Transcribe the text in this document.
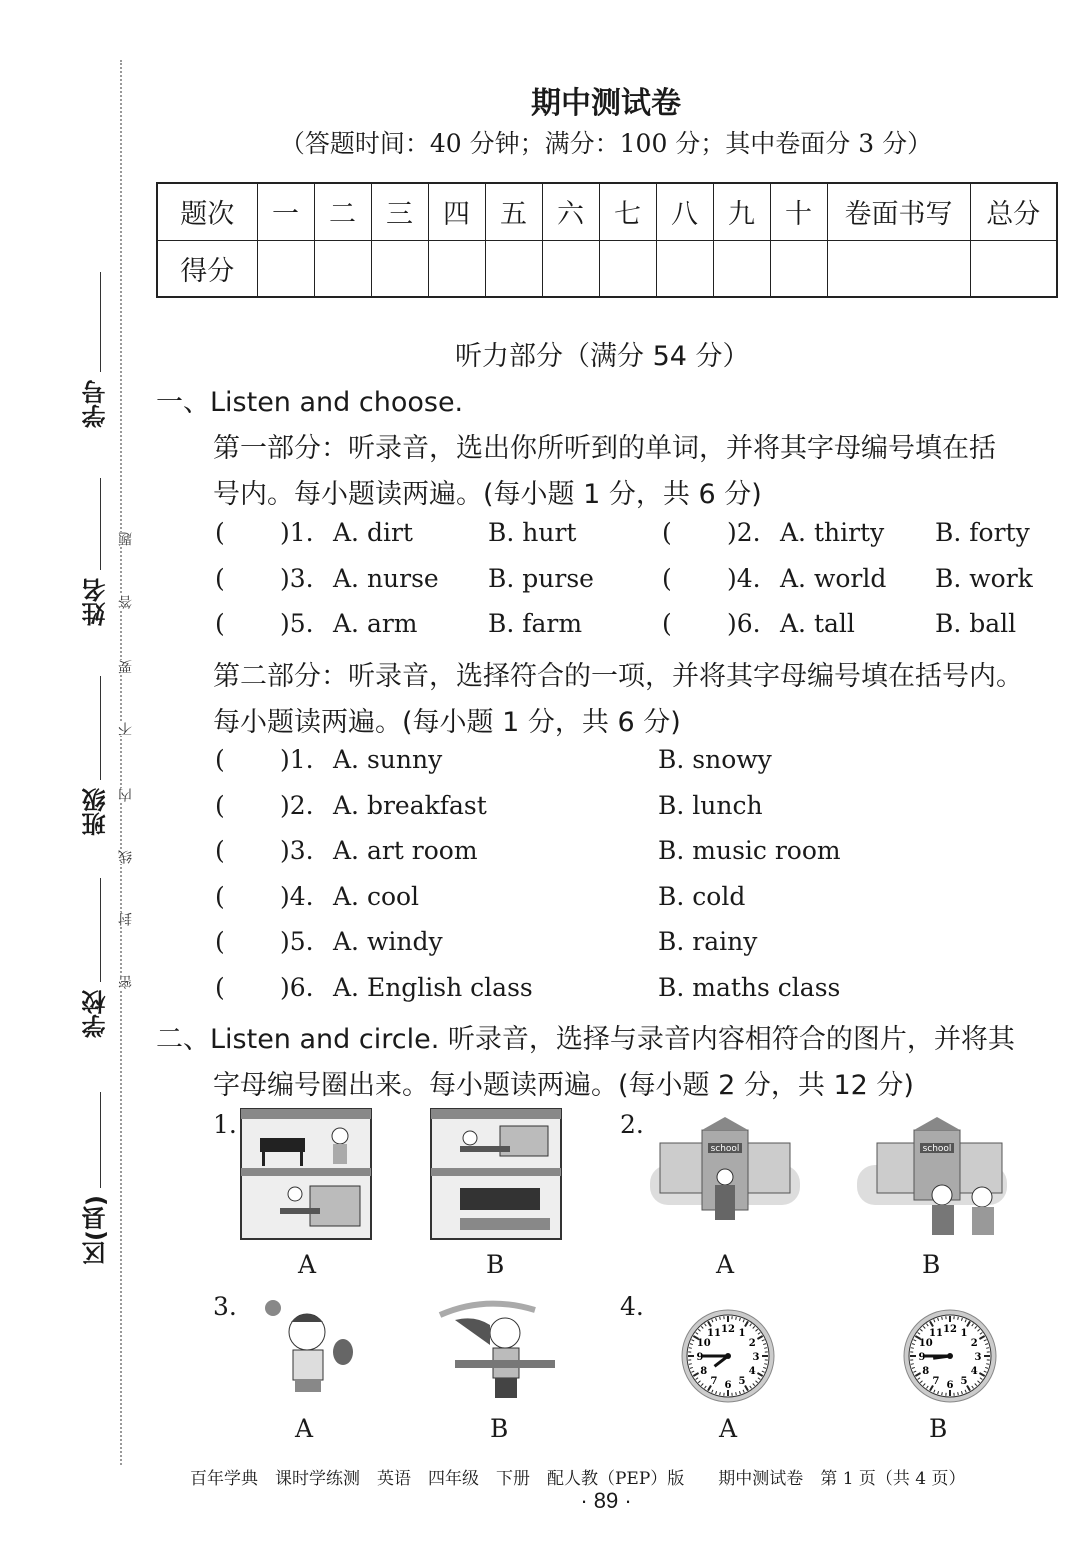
学号
姓名
班级
学校
区(县)
密
封
线
内
不
要
答
题
期中测试卷
（答题时间：40 分钟；满分：100 分；其中卷面分 3 分）
题次	一	二	三	四	五	六	七	八	九	十	卷面书写	总分
得分												
听力部分（满分 54 分）
一、Listen and choose.
第一部分：听录音，选出你所听到的单词，并将其字母编号填在括
号内。每小题读两遍。(每小题 1 分，共 6 分)
( )1. A. dirt	B. hurt	( )2. A. thirty B. forty
( )3. A. nurse B. purse	( )4. A. world B. work
( )5. A. arm	B. farm	( )6. A. tall	B. ball
第二部分：听录音，选择符合的一项，并将其字母编号填在括号内。
每小题读两遍。(每小题 1 分，共 6 分)
( )1. A. sunny	B. snowy
( )2. A. breakfast	B. lunch
( )3. A. art room	B. music room
( )4. A. cool	B. cold
( )5. A. windy	B. rainy
( )6. A. English class	B. maths class
二、Listen and circle. 听录音，选择与录音内容相符合的图片，并将其
字母编号圈出来。每小题读两遍。(每小题 2 分，共 12 分)
1.	2.
3.	4.
school	school
1
2
3
4
5
6
7
8
9
10
11 12	1
2
3
4
5
6
7
8
9
10
11 12
A	B	A	B
A	B	A	B
百年学典　课时学练测　英语　四年级　下册　配人教（PEP）版　　期中测试卷　第 1 页（共 4 页）
· 89 ·
